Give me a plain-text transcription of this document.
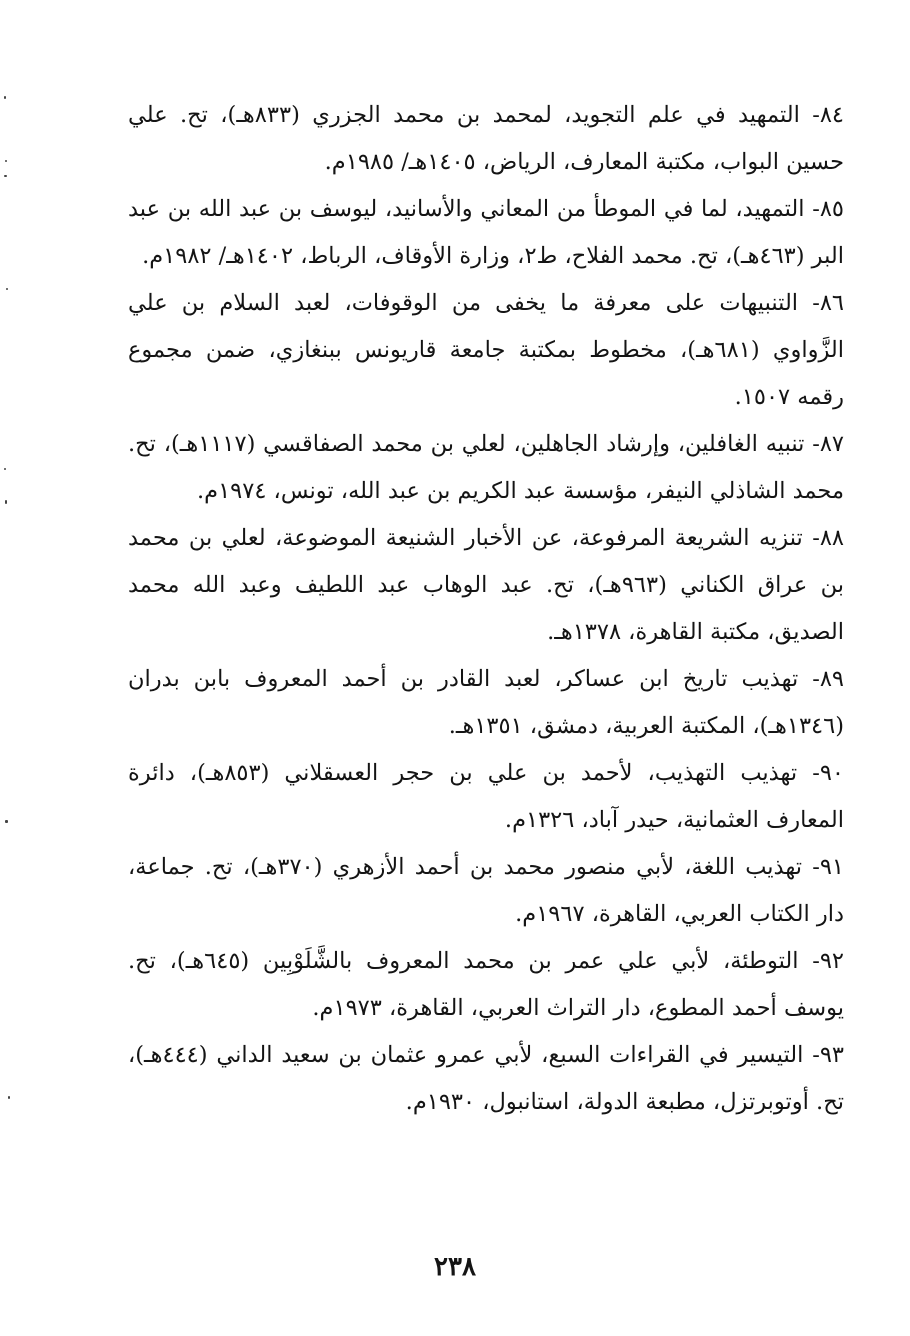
٨٤- التمهيد في علم التجويد، لمحمد بن محمد الجزري (٨٣٣هـ)، تح. علي حسين البواب، مكتبة المعارف، الرياض، ١٤٠٥هـ/ ١٩٨٥م.

٨٥- التمهيد، لما في الموطأ من المعاني والأسانيد، ليوسف بن عبد الله بن عبد البر (٤٦٣هـ)، تح. محمد الفلاح، ط٢، وزارة الأوقاف، الرباط، ١٤٠٢هـ/ ١٩٨٢م.

٨٦- التنبيهات على معرفة ما يخفى من الوقوفات، لعبد السلام بن علي الزَّواوي (٦٨١هـ)، مخطوط بمكتبة جامعة قاريونس ببنغازي، ضمن مجموع رقمه ١٥٠٧.

٨٧- تنبيه الغافلين، وإرشاد الجاهلين، لعلي بن محمد الصفاقسي (١١١٧هـ)، تح. محمد الشاذلي النيفر، مؤسسة عبد الكريم بن عبد الله، تونس، ١٩٧٤م.

٨٨- تنزيه الشريعة المرفوعة، عن الأخبار الشنيعة الموضوعة، لعلي بن محمد بن عراق الكناني (٩٦٣هـ)، تح. عبد الوهاب عبد اللطيف وعبد الله محمد الصديق، مكتبة القاهرة، ١٣٧٨هـ.

٨٩- تهذيب تاريخ ابن عساكر، لعبد القادر بن أحمد المعروف بابن بدران (١٣٤٦هـ)، المكتبة العربية، دمشق، ١٣٥١هـ.

٩٠- تهذيب التهذيب، لأحمد بن علي بن حجر العسقلاني (٨٥٣هـ)، دائرة المعارف العثمانية، حيدر آباد، ١٣٢٦م.

٩١- تهذيب اللغة، لأبي منصور محمد بن أحمد الأزهري (٣٧٠هـ)، تح. جماعة، دار الكتاب العربي، القاهرة، ١٩٦٧م.

٩٢- التوطئة، لأبي علي عمر بن محمد المعروف بالشَّلَوْبِين (٦٤٥هـ)، تح. يوسف أحمد المطوع، دار التراث العربي، القاهرة، ١٩٧٣م.

٩٣- التيسير في القراءات السبع، لأبي عمرو عثمان بن سعيد الداني (٤٤٤هـ)، تح. أوتوبرتزل، مطبعة الدولة، استانبول، ١٩٣٠م.

٢٣٨
